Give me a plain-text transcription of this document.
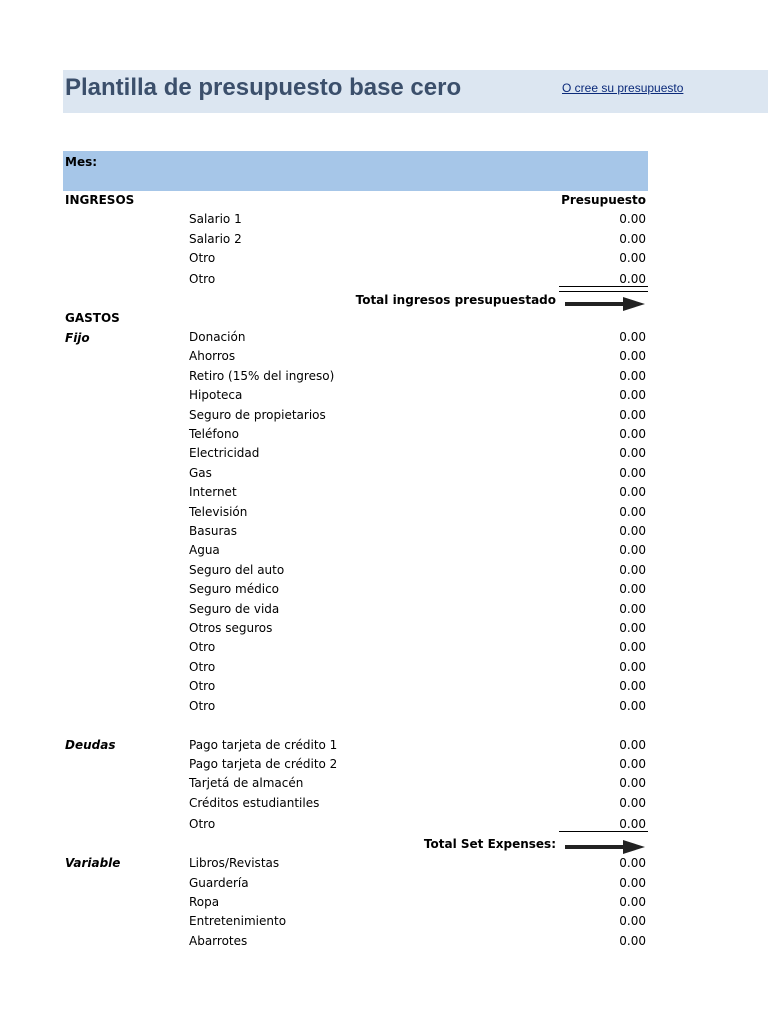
Plantilla de presupuesto base cero	O cree su presupuesto
Mes:
INGRESOS	Presupuesto
Salario 1	0.00
Salario 2	0.00
Otro	0.00
Otro	0.00
Total ingresos presupuestado
GASTOS
Fijo	Donación	0.00
Ahorros	0.00
Retiro (15% del ingreso)	0.00
Hipoteca	0.00
Seguro de propietarios	0.00
Teléfono	0.00
Electricidad	0.00
Gas	0.00
Internet	0.00
Televisión	0.00
Basuras	0.00
Agua	0.00
Seguro del auto	0.00
Seguro médico	0.00
Seguro de vida	0.00
Otros seguros	0.00
Otro	0.00
Otro	0.00
Otro	0.00
Otro	0.00
Deudas	Pago tarjeta de crédito 1	0.00
Pago tarjeta de crédito 2	0.00
Tarjetá de almacén	0.00
Créditos estudiantiles	0.00
Otro	0.00
Total Set Expenses:
Variable	Libros/Revistas	0.00
Guardería	0.00
Ropa	0.00
Entretenimiento	0.00
Abarrotes	0.00
